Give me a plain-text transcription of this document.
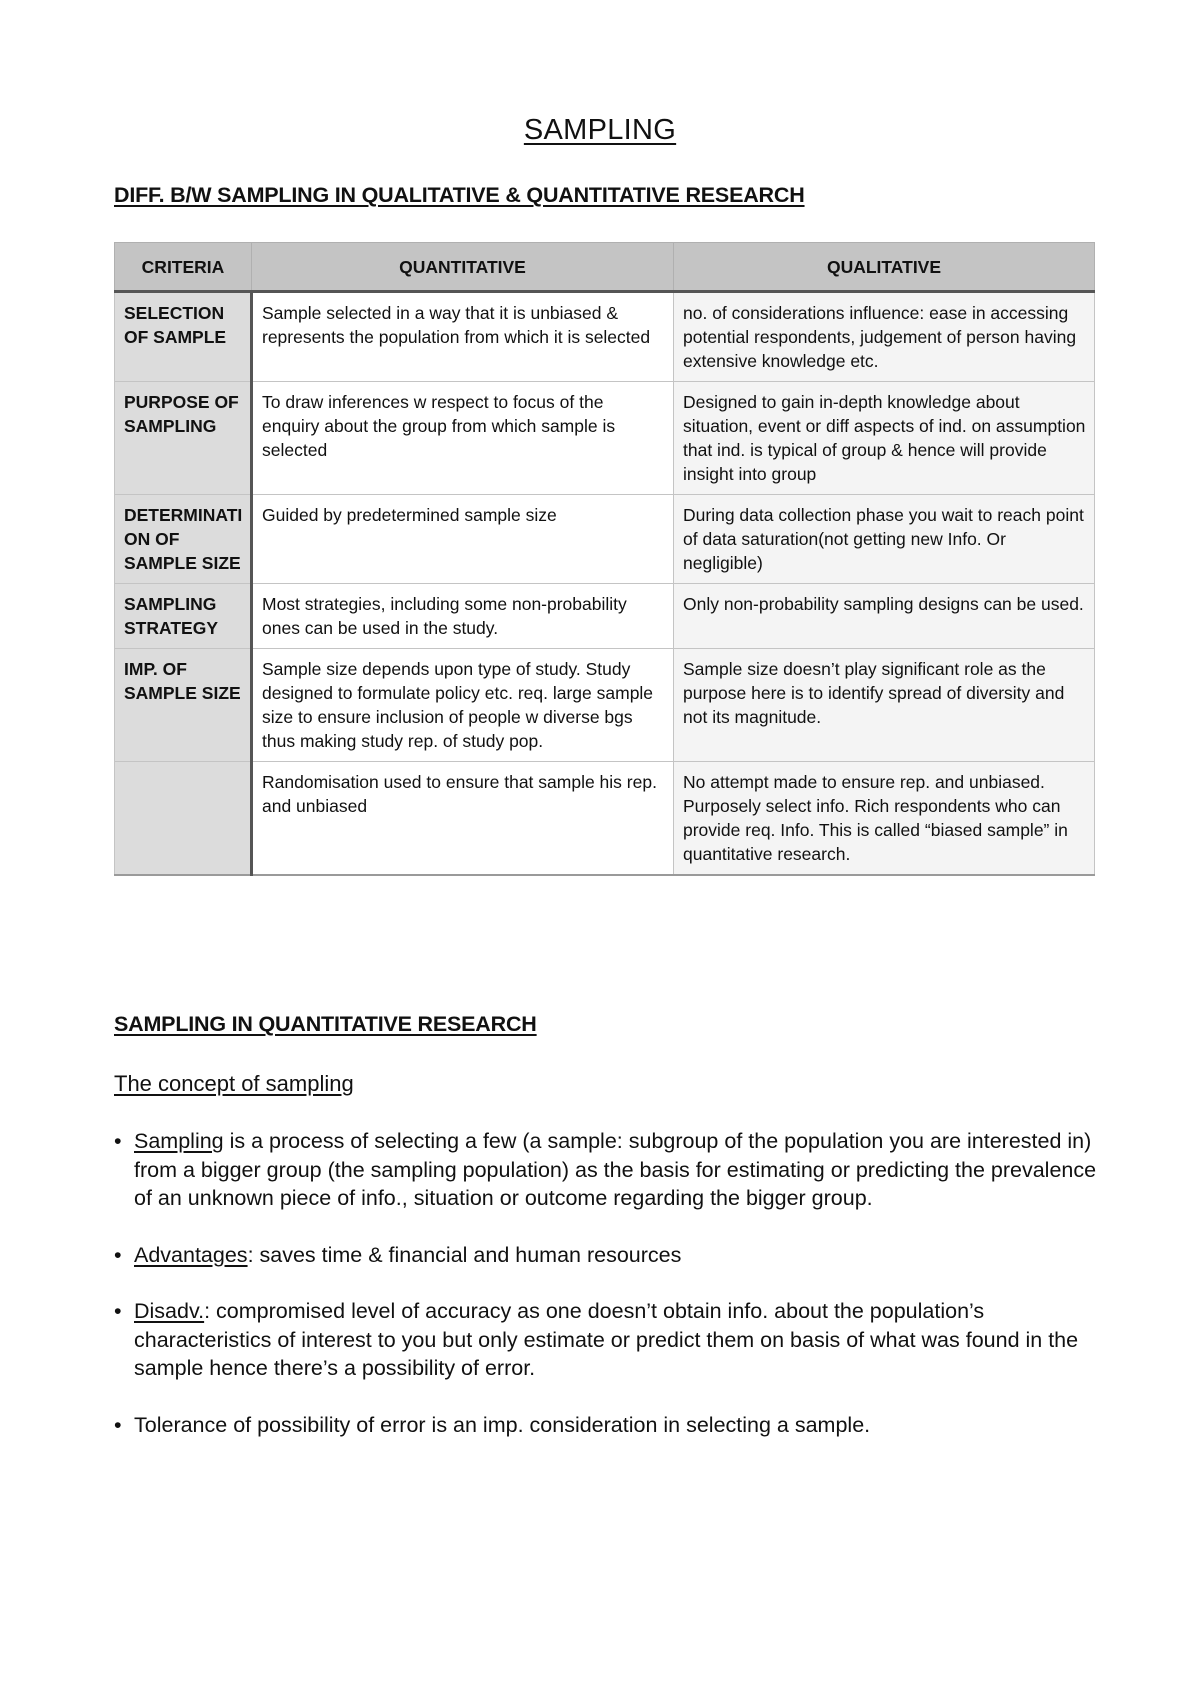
SAMPLING
DIFF. B/W SAMPLING IN QUALITATIVE & QUANTITATIVE RESEARCH
CRITERIA	QUANTITATIVE	QUALITATIVE
SELECTION OF SAMPLE	Sample selected in a way that it is unbiased & represents the population from which it is selected	no. of considerations influence: ease in accessing potential respondents, judgement of person having extensive knowledge etc.
PURPOSE OF SAMPLING	To draw inferences w respect to focus of the enquiry about the group from which sample is selected	Designed to gain in-depth knowledge about situation, event or diff aspects of ind. on assumption that ind. is typical of group & hence will provide insight into group
DETERMINATION OF SAMPLE SIZE	Guided by predetermined sample size	During data collection phase you wait to reach point of data saturation(not getting new Info. Or negligible)
SAMPLING STRATEGY	Most strategies, including some non-probability ones can be used in the study.	Only non-probability sampling designs can be used.
IMP. OF SAMPLE SIZE	Sample size depends upon type of study. Study designed to formulate policy etc. req. large sample size to ensure inclusion of people w diverse bgs thus making study rep. of study pop.	Sample size doesn’t play significant role as the purpose here is to identify spread of diversity and not its magnitude.
	Randomisation used to ensure that sample his rep. and unbiased	No attempt made to ensure rep. and unbiased. Purposely select info. Rich respondents who can provide req. Info. This is called “biased sample” in quantitative research.
SAMPLING IN QUANTITATIVE RESEARCH
The concept of sampling
• Sampling is a process of selecting a few (a sample: subgroup of the population you are interested in) from a bigger group (the sampling population) as the basis for estimating or predicting the prevalence of an unknown piece of info., situation or outcome regarding the bigger group.
• Advantages: saves time & financial and human resources
• Disadv.: compromised level of accuracy as one doesn’t obtain info. about the population’s characteristics of interest to you but only estimate or predict them on basis of what was found in the sample hence there’s a possibility of error.
• Tolerance of possibility of error is an imp. consideration in selecting a sample.
